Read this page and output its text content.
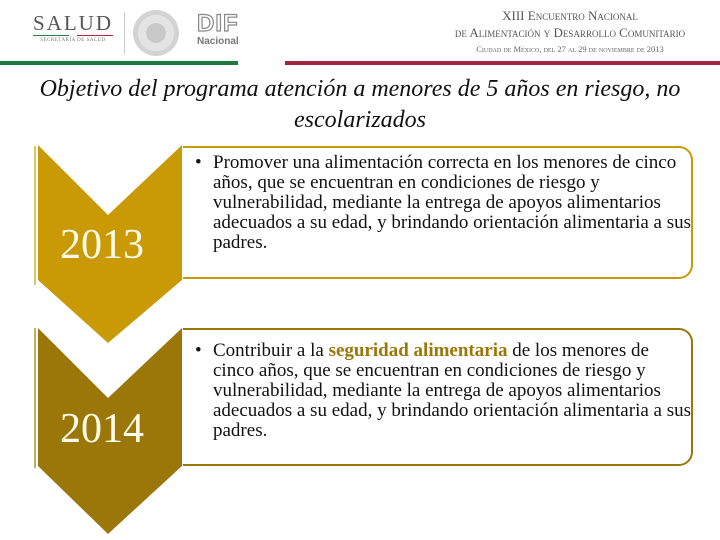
SALUD
SECRETARÍA DE SALUD
DIF
Nacional
XIII Encuentro Nacional
de Alimentación y Desarrollo Comunitario
Ciudad de México, del 27 al 29 de noviembre de 2013
Objetivo del programa atención a menores de 5 años en riesgo, no escolarizados
2013

• Promover una alimentación correcta en los menores de cinco años, que se encuentran en condiciones de riesgo y vulnerabilidad, mediante la entrega de apoyos alimentarios adecuados a su edad, y brindando orientación alimentaria a sus padres.

2014

• Contribuir a la seguridad alimentaria de los menores de cinco años, que se encuentran en condiciones de riesgo y vulnerabilidad, mediante la entrega de apoyos alimentarios adecuados a su edad, y brindando orientación alimentaria a sus padres.
